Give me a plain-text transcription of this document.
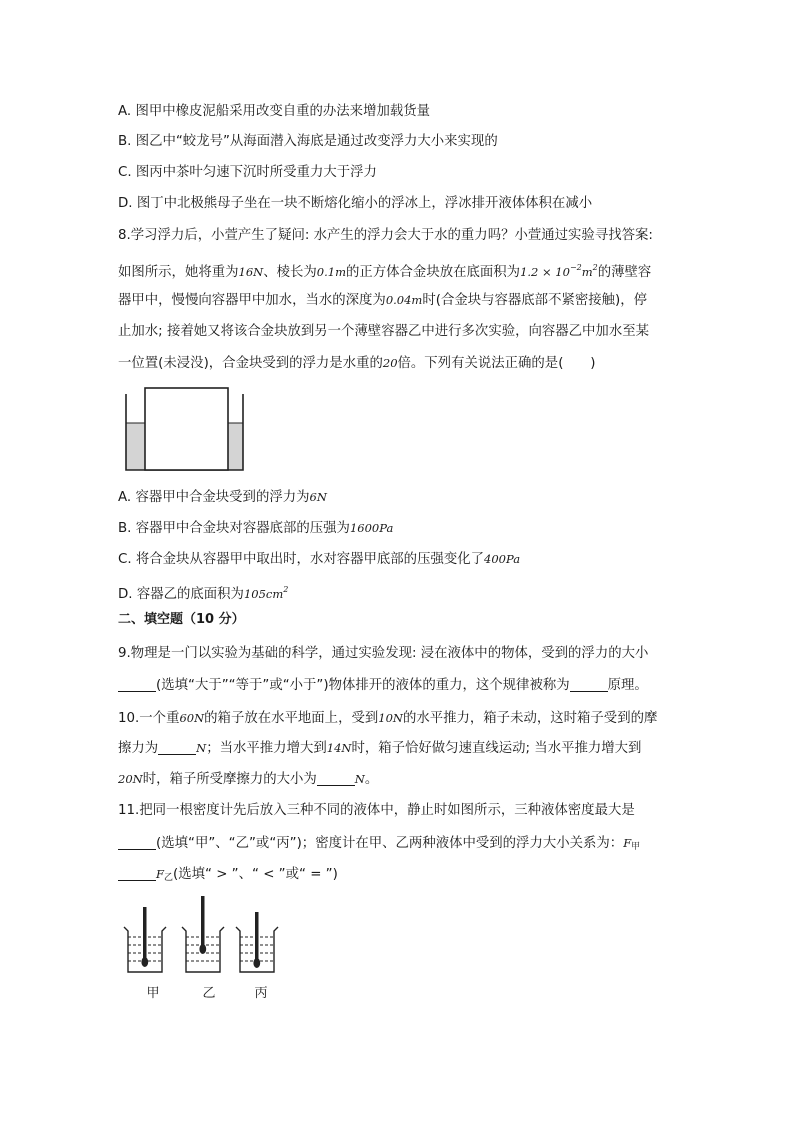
A. 图甲中橡皮泥船采用改变自重的办法来增加载货量
B. 图乙中“蛟龙号”从海面潜入海底是通过改变浮力大小来实现的
C. 图丙中茶叶匀速下沉时所受重力大于浮力
D. 图丁中北极熊母子坐在一块不断熔化缩小的浮冰上，浮冰排开液体体积在减小
8.学习浮力后，小萱产生了疑问: 水产生的浮力会大于水的重力吗？小萱通过实验寻找答案:
如图所示，她将重为16N、棱长为0.1m的正方体合金块放在底面积为$1.2 \times 10^{-2}m^2$的薄壁容
器甲中，慢慢向容器甲中加水，当水的深度为0.04m时(合金块与容器底部不紧密接触)，停
止加水; 接着她又将该合金块放到另一个薄壁容器乙中进行多次实验，向容器乙中加水至某
一位置(未浸没)，合金块受到的浮力是水重的20倍。下列有关说法正确的是(　　)
A. 容器甲中合金块受到的浮力为6N
B. 容器甲中合金块对容器底部的压强为1600Pa
C. 将合金块从容器甲中取出时，水对容器甲底部的压强变化了400Pa
D. 容器乙的底面积为$105cm^2$
二、填空题（10 分）
9.物理是一门以实验为基础的科学，通过实验发现: 浸在液体中的物体，受到的浮力的大小
(选填“大于”“等于”或“小于”)物体排开的液体的重力，这个规律被称为	原理。
10.一个重60N的箱子放在水平地面上，受到10N的水平推力，箱子未动，这时箱子受到的摩
擦力为	N；当水平推力增大到14N时，箱子恰好做匀速直线运动; 当水平推力增大到
20N时，箱子所受摩擦力的大小为	N。
11.把同一根密度计先后放入三种不同的液体中，静止时如图所示，三种液体密度最大是
(选填“甲”、“乙”或“丙”)；密度计在甲、乙两种液体中受到的浮力大小关系为：$F_甲$
$F_乙$(选填“ > ”、“ < ”或“ = ”)
甲	乙	丙
